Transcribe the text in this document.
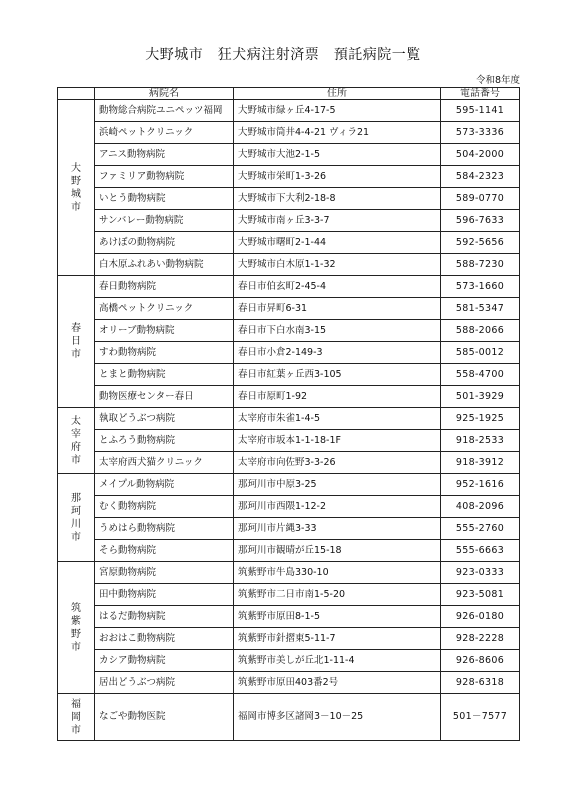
大野城市　狂犬病注射済票　預託病院一覧
令和8年度
	病院名	住所	電話番号

大野城市	動物総合病院ユニペッツ福岡	大野城市緑ヶ丘4-17-5	595-1141
	浜崎ペットクリニック	大野城市筒井4-4-21 ヴィラ21	573-3336
	アニス動物病院	大野城市大池2-1-5	504-2000
	ファミリア動物病院	大野城市栄町1-3-26	584-2323
	いとう動物病院	大野城市下大利2-18-8	589-0770
	サンバレー動物病院	大野城市南ヶ丘3-3-7	596-7633
	あけぼの動物病院	大野城市曙町2-1-44	592-5656
	白木原ふれあい動物病院	大野城市白木原1-1-32	588-7230

春日市	春日動物病院	春日市伯玄町2-45-4	573-1660
	高橋ペットクリニック	春日市昇町6-31	581-5347
	オリーブ動物病院	春日市下白水南3-15	588-2066
	すわ動物病院	春日市小倉2-149-3	585-0012
	とまと動物病院	春日市紅葉ヶ丘西3-105	558-4700
	動物医療センター春日	春日市原町1-92	501-3929

太宰府市	執取どうぶつ病院	太宰府市朱雀1-4-5	925-1925
	とふろう動物病院	太宰府市坂本1-1-18-1F	918-2533
	太宰府西犬猫クリニック	太宰府市向佐野3-3-26	918-3912

那珂川市	メイプル動物病院	那珂川市中原3-25	952-1616
	むく動物病院	那珂川市西隈1-12-2	408-2096
	うめはら動物病院	那珂川市片縄3-33	555-2760
	そら動物病院	那珂川市観晴が丘15-18	555-6663

筑紫野市	宮原動物病院	筑紫野市牛島330-10	923-0333
	田中動物病院	筑紫野市二日市南1-5-20	923-5081
	はるだ動物病院	筑紫野市原田8-1-5	926-0180
	おおはこ動物病院	筑紫野市針摺東5-11-7	928-2228
	カシア動物病院	筑紫野市美しが丘北1-11-4	926-8606
	居出どうぶつ病院	筑紫野市原田403番2号	928-6318

福岡市	なごや動物医院	福岡市博多区諸岡3－10－25	501－7577
